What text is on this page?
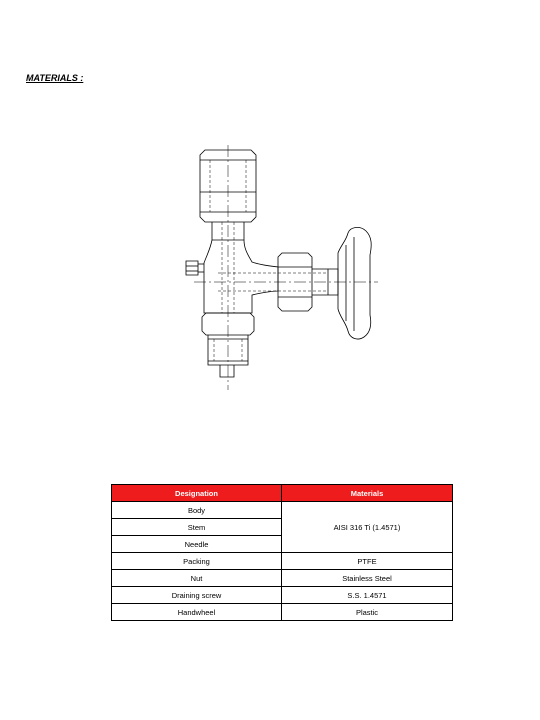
MATERIALS :
Designation	Materials
Body	AISI 316 Ti (1.4571)
Stem	
Needle	
Packing	PTFE
Nut	Stainless Steel
Draining screw	S.S. 1.4571
Handwheel	Plastic
